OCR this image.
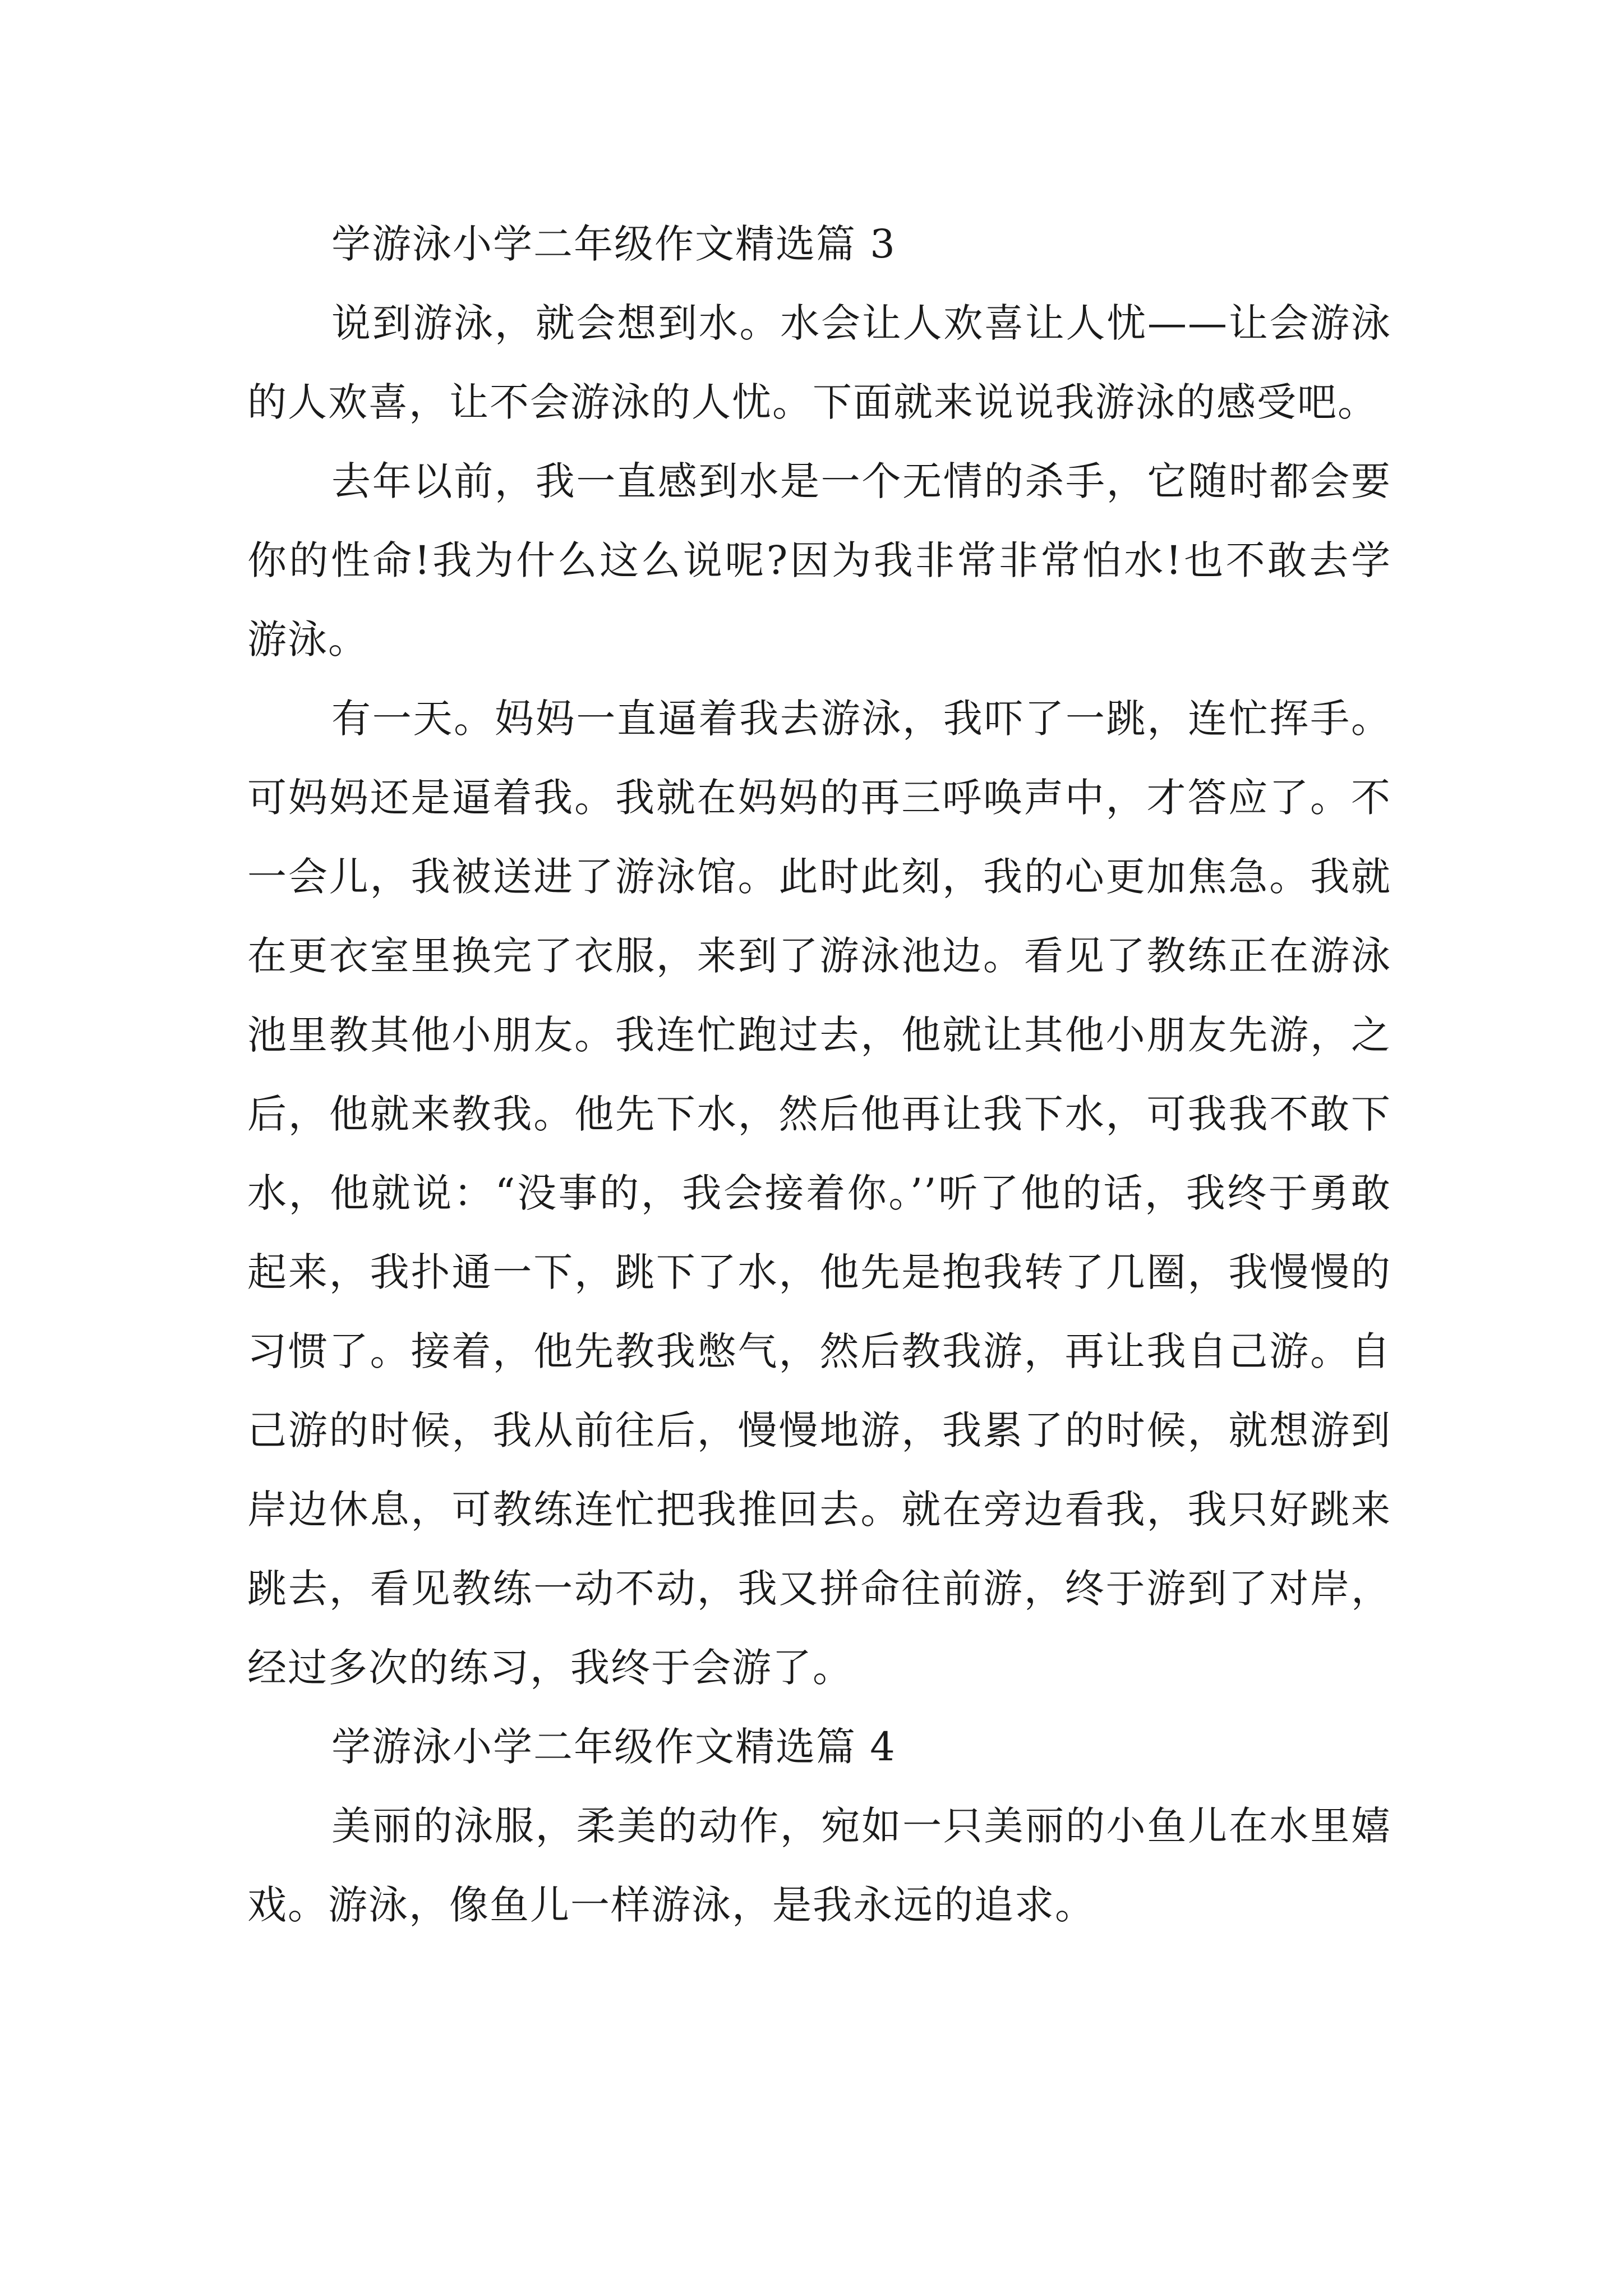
学游泳小学二年级作文精选篇 3

说到游泳，就会想到水。水会让人欢喜让人忧——让会游泳的人欢喜，让不会游泳的人忧。下面就来说说我游泳的感受吧。

去年以前，我一直感到水是一个无情的杀手，它随时都会要你的性命!我为什么这么说呢?因为我非常非常怕水!也不敢去学游泳。

有一天。妈妈一直逼着我去游泳，我吓了一跳，连忙挥手。可妈妈还是逼着我。我就在妈妈的再三呼唤声中，才答应了。不一会儿，我被送进了游泳馆。此时此刻，我的心更加焦急。我就在更衣室里换完了衣服，来到了游泳池边。看见了教练正在游泳池里教其他小朋友。我连忙跑过去，他就让其他小朋友先游，之后，他就来教我。他先下水，然后他再让我下水，可我我不敢下水，他就说：“没事的，我会接着你。’’听了他的话，我终于勇敢起来，我扑通一下，跳下了水，他先是抱我转了几圈，我慢慢的习惯了。接着，他先教我憋气，然后教我游，再让我自己游。自己游的时候，我从前往后，慢慢地游，我累了的时候，就想游到岸边休息，可教练连忙把我推回去。就在旁边看我，我只好跳来跳去，看见教练一动不动，我又拼命往前游，终于游到了对岸，经过多次的练习，我终于会游了。

学游泳小学二年级作文精选篇 4

美丽的泳服，柔美的动作，宛如一只美丽的小鱼儿在水里嬉戏。游泳，像鱼儿一样游泳，是我永远的追求。
